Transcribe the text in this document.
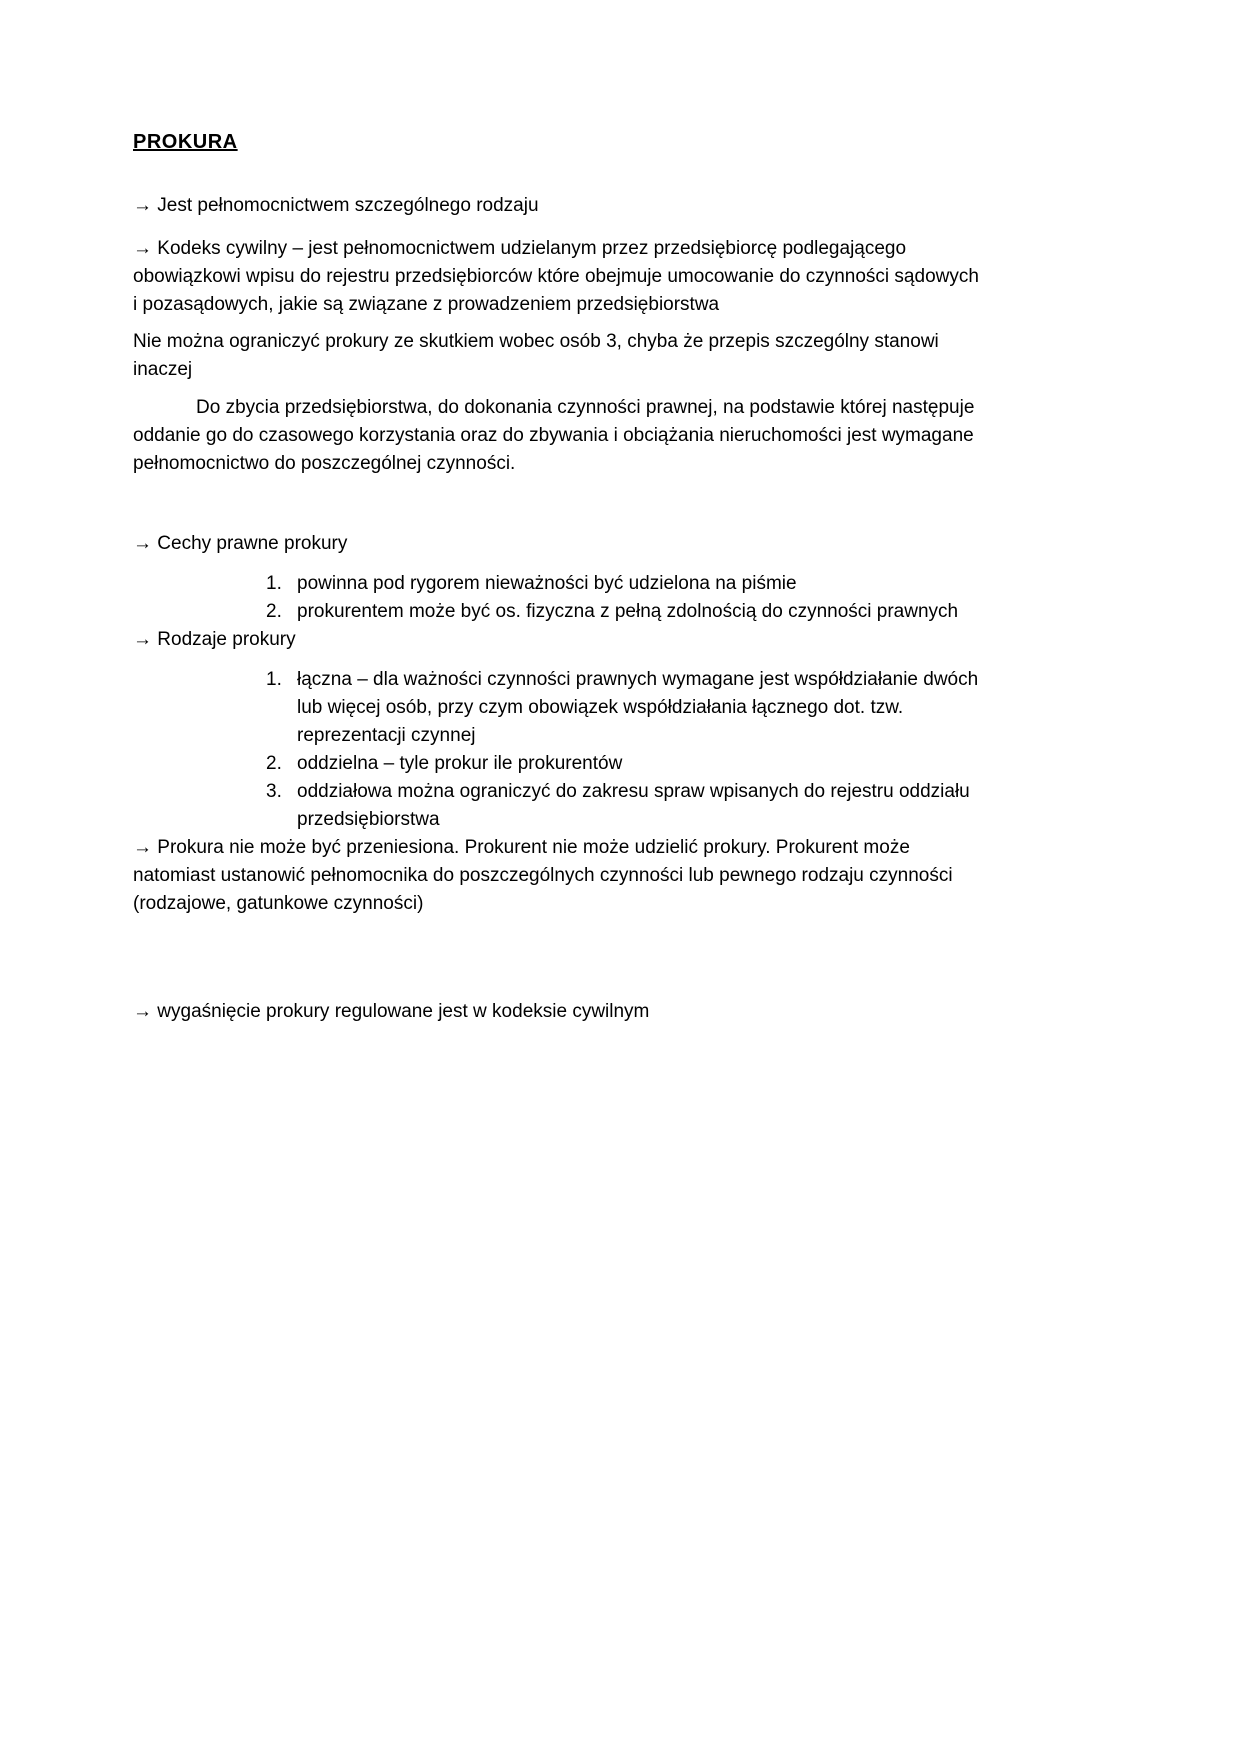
PROKURA

→ Jest pełnomocnictwem szczególnego rodzaju

→ Kodeks cywilny – jest pełnomocnictwem udzielanym przez przedsiębiorcę podlegającego obowiązkowi wpisu do rejestru przedsiębiorców które obejmuje umocowanie do czynności sądowych i pozasądowych, jakie są związane z prowadzeniem przedsiębiorstwa

Nie można ograniczyć prokury ze skutkiem wobec osób 3, chyba że przepis szczególny stanowi inaczej

Do zbycia przedsiębiorstwa, do dokonania czynności prawnej, na podstawie której następuje oddanie go do czasowego korzystania oraz do zbywania i obciążania nieruchomości jest wymagane pełnomocnictwo do poszczególnej czynności.

→ Cechy prawne prokury

1. powinna pod rygorem nieważności być udzielona na piśmie
2. prokurentem może być os. fizyczna z pełną zdolnością do czynności prawnych

→ Rodzaje prokury

1. łączna – dla ważności czynności prawnych wymagane jest współdziałanie dwóch lub więcej osób, przy czym obowiązek współdziałania łącznego dot. tzw. reprezentacji czynnej
2. oddzielna – tyle prokur ile prokurentów
3. oddziałowa można ograniczyć do zakresu spraw wpisanych do rejestru oddziału przedsiębiorstwa

→ Prokura nie może być przeniesiona. Prokurent nie może udzielić prokury. Prokurent może natomiast ustanowić pełnomocnika do poszczególnych czynności lub pewnego rodzaju czynności (rodzajowe, gatunkowe czynności)

→ wygaśnięcie prokury regulowane jest w kodeksie cywilnym
